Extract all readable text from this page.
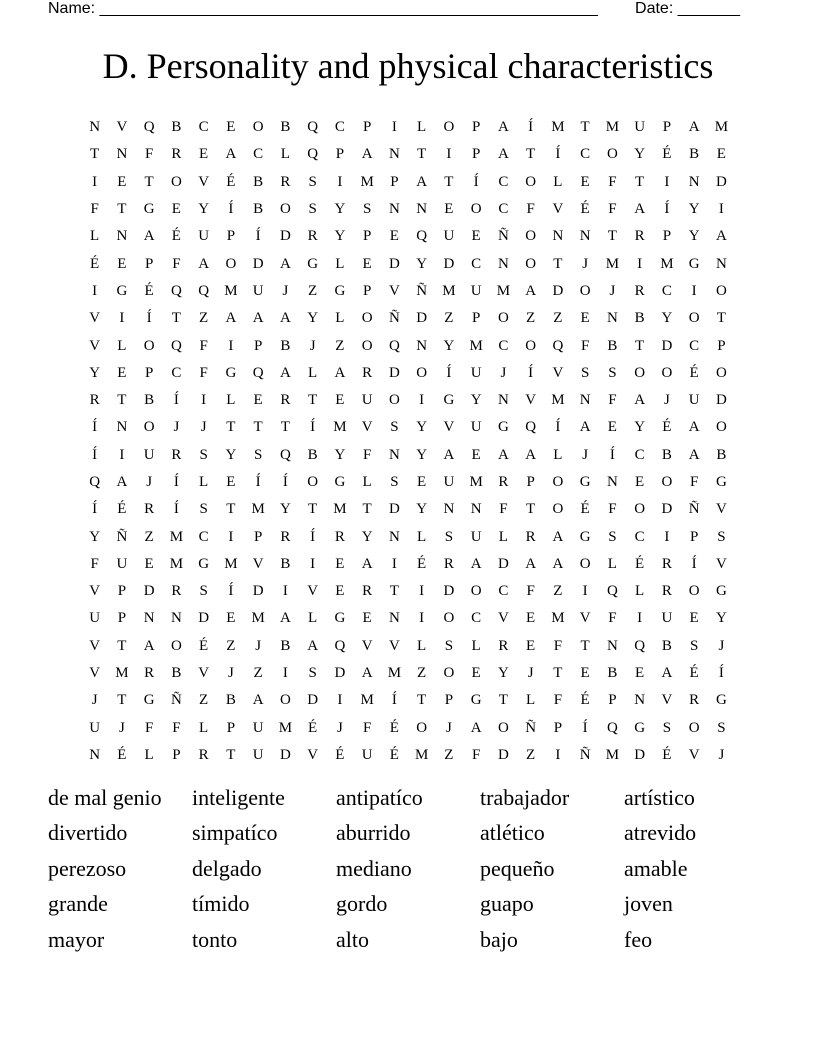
Name: ________________________________________________________ Date: _______
D. Personality and physical characteristics
N	V	Q	B	C	E	O	B	Q	C	P	I	L	O	P	A	Í	M	T	M	U	P	A	M
T	N	F	R	E	A	C	L	Q	P	A	N	T	I	P	A	T	Í	C	O	Y	É	B	E
I	E	T	O	V	É	B	R	S	I	M	P	A	T	Í	C	O	L	E	F	T	I	N	D
F	T	G	E	Y	Í	B	O	S	Y	S	N	N	E	O	C	F	V	É	F	A	Í	Y	I
L	N	A	É	U	P	Í	D	R	Y	P	E	Q	U	E	Ñ	O	N	N	T	R	P	Y	A
É	E	P	F	A	O	D	A	G	L	E	D	Y	D	C	N	O	T	J	M	I	M	G	N
I	G	É	Q	Q	M	U	J	Z	G	P	V	Ñ	M	U	M	A	D	O	J	R	C	I	O
V	I	Í	T	Z	A	A	A	Y	L	O	Ñ	D	Z	P	O	Z	Z	E	N	B	Y	O	T
V	L	O	Q	F	I	P	B	J	Z	O	Q	N	Y	M	C	O	Q	F	B	T	D	C	P
Y	E	P	C	F	G	Q	A	L	A	R	D	O	Í	U	J	Í	V	S	S	O	O	É	O
R	T	B	Í	I	L	E	R	T	E	U	O	I	G	Y	N	V	M	N	F	A	J	U	D
Í	N	O	J	J	T	T	T	Í	M	V	S	Y	V	U	G	Q	Í	A	E	Y	É	A	O
Í	I	U	R	S	Y	S	Q	B	Y	F	N	Y	A	E	A	A	L	J	Í	C	B	A	B
Q	A	J	Í	L	E	Í	Í	O	G	L	S	E	U	M	R	P	O	G	N	E	O	F	G
Í	É	R	Í	S	T	M	Y	T	M	T	D	Y	N	N	F	T	O	É	F	O	D	Ñ	V
Y	Ñ	Z	M	C	I	P	R	Í	R	Y	N	L	S	U	L	R	A	G	S	C	I	P	S
F	U	E	M	G	M	V	B	I	E	A	I	É	R	A	D	A	A	O	L	É	R	Í	V
V	P	D	R	S	Í	D	I	V	E	R	T	I	D	O	C	F	Z	I	Q	L	R	O	G
U	P	N	N	D	E	M	A	L	G	E	N	I	O	C	V	E	M	V	F	I	U	E	Y
V	T	A	O	É	Z	J	B	A	Q	V	V	L	S	L	R	E	F	T	N	Q	B	S	J
V	M	R	B	V	J	Z	I	S	D	A	M	Z	O	E	Y	J	T	E	B	E	A	É	Í
J	T	G	Ñ	Z	B	A	O	D	I	M	Í	T	P	G	T	L	F	É	P	N	V	R	G
U	J	F	F	L	P	U	M	É	J	F	É	O	J	A	O	Ñ	P	Í	Q	G	S	O	S
N	É	L	P	R	T	U	D	V	É	U	É	M	Z	F	D	Z	I	Ñ	M	D	É	V	J
de mal genio	inteligente	antipatíco	trabajador	artístico
divertido	simpatíco	aburrido	atlético	atrevido
perezoso	delgado	mediano	pequeño	amable
grande	tímido	gordo	guapo	joven
mayor	tonto	alto	bajo	feo
